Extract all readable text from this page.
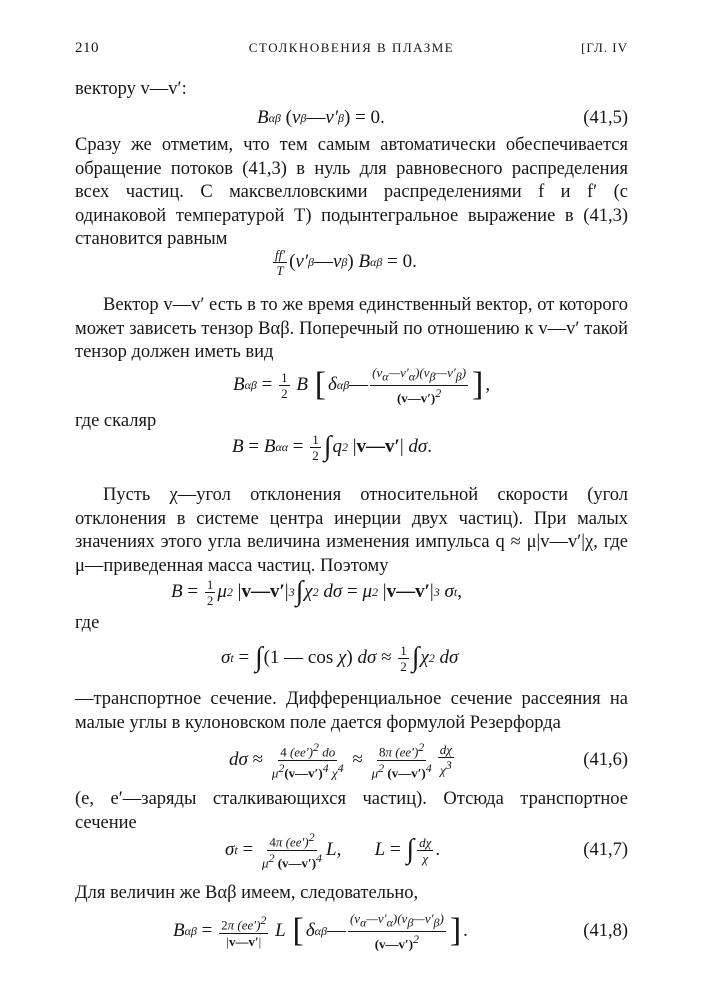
210	СТОЛКНОВЕНИЯ В ПЛАЗМЕ	[ГЛ. IV

вектору v—v′:

B αβ
( v β — v′ β ) = 0.	(41,5)

Сразу же отметим, что тем самым автоматически обеспечивается обращение потоков (41,3) в нуль для равновесного распределения всех частиц. С максвелловскими распределениями f и f′ (с одинаковой температурой T) подынтегральное выражение в (41,3) становится равным

ff′
T ( v′ β — v β ) B αβ = 0.

Вектор v—v′ есть в то же время единственный вектор, от которого может зависеть тензор Bαβ. Поперечный по отношению к v—v′ такой тензор должен иметь вид

B $\alpha\beta = \frac{1}{2}$ B [ δ αβ —
$(v_\alpha—v'_\alpha)(v_\beta—v'_\beta)$
(v—v′)$^2$ ] ,

где скаляр

B = B $\alpha\alpha = \frac{1}{2}$ ∫ q 2 | v—v′ | dσ .

Пусть χ—угол отклонения относительной скорости (угол отклонения в системе центра инерции двух частиц). При малых значениях этого угла величина изменения импульса q ≈ μ|v—v′|χ, где μ—приведенная масса частиц. Поэтому

$B = \frac{1}{2}$ μ 2 | v—v′ | 3 ∫ χ 2 dσ = μ 2 | v—v′ | 3 σ t ,

где

σ t = ∫ (1 — cos χ ) $d\sigma \approx \frac{1}{2}$ ∫ χ 2 dσ

—транспортное сечение. Дифференциальное сечение рассеяния на малые углы в кулоновском поле дается формулой Резерфорда

$d\sigma \approx \frac{4 (ee')^2 do}{\mu^2(v—v')^4 \chi^4} \approx \frac{8\pi (ee')^2}{\mu^2 (v—v')^4}$ dχ
$\chi^3$	(41,6)

(e, e′—заряды сталкивающихся частиц). Отсюда транспортное сечение

σ $t = \frac{4\pi (ee')^2}{\mu^2 (v—v')^4}$ L , L = ∫ dχ
χ .	(41,7)

Для величин же Bαβ имеем, следовательно,

B $\alpha\beta = \frac{2\pi (ee')^2}{|v—v'|}$ L [ δ αβ —
$(v_\alpha—v'_\alpha)(v_\beta—v'_\beta)$
(v—v′)$^2$ ] .	(41,8)
